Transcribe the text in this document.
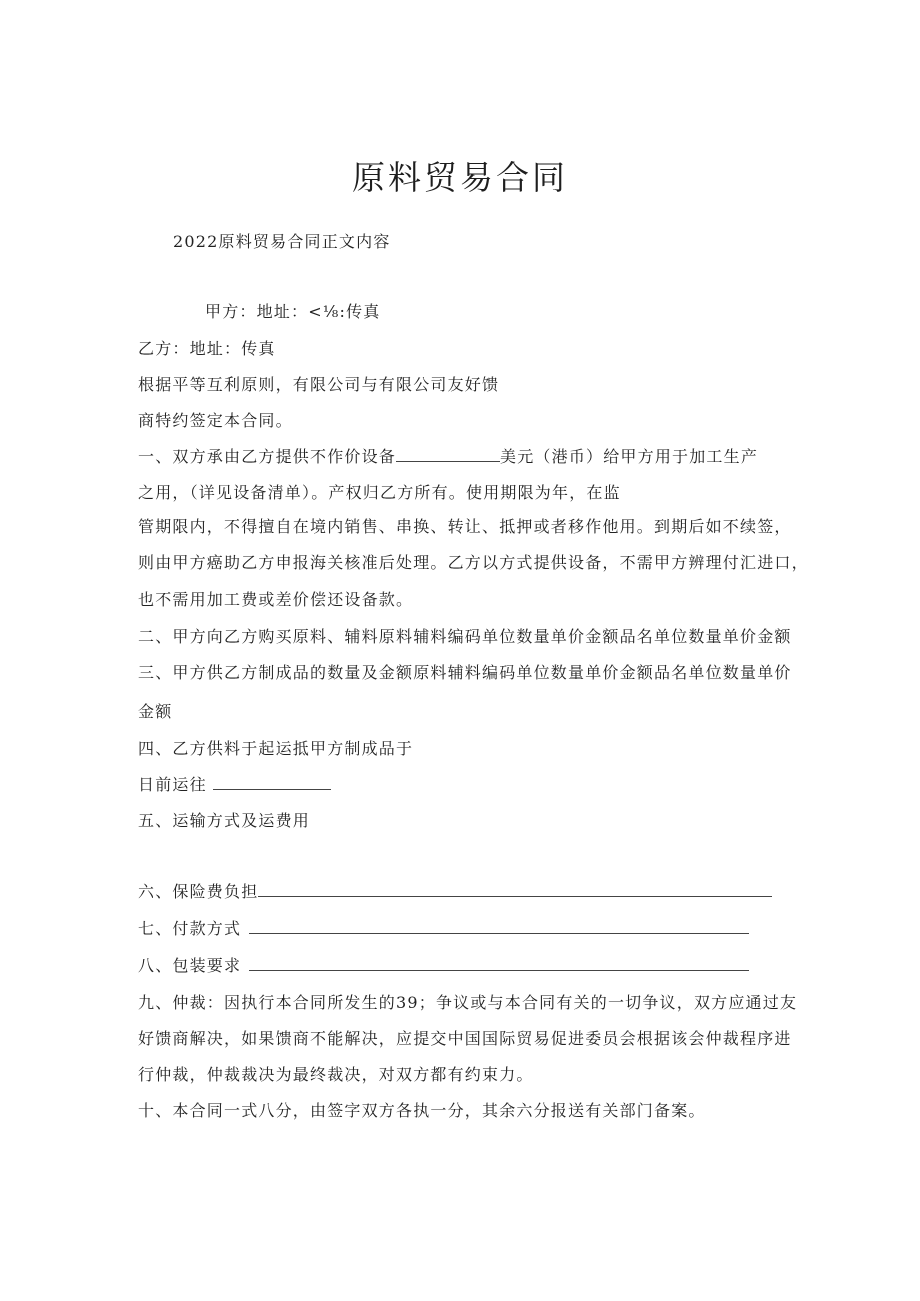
原料贸易合同
2022原料贸易合同正文内容
甲方：地址：<⅛:传真
乙方：地址：传真
根据平等互利原则，有限公司与有限公司友好馈
商特约签定本合同。
一、双方承由乙方提供不作价设备	美元（港币）给甲方用于加工生产
之用，（详见设备清单）。产权归乙方所有。使用期限为年，在监
管期限内，不得擅自在境内销售、串换、转让、抵押或者移作他用。到期后如不续签，
则由甲方癌助乙方申报海关核准后处理。乙方以方式提供设备，不需甲方辨理付汇进口，
也不需用加工费或差价偿还设备款。
二、甲方向乙方购买原料、辅料原料辅料编码单位数量单价金额品名单位数量单价金额
三、甲方供乙方制成品的数量及金额原料辅料编码单位数量单价金额品名单位数量单价
金额
四、乙方供料于起运抵甲方制成品于
日前运往
五、运输方式及运费用
六、保险费负担
七、付款方式
八、包装要求
九、仲裁：因执行本合同所发生的39；争议或与本合同有关的一切争议，双方应通过友
好馈商解决，如果馈商不能解决，应提交中国国际贸易促进委员会根据该会仲裁程序进
行仲裁，仲裁裁决为最终裁决，对双方都有约束力。
十、本合同一式八分，由签字双方各执一分，其余六分报送有关部门备案。
